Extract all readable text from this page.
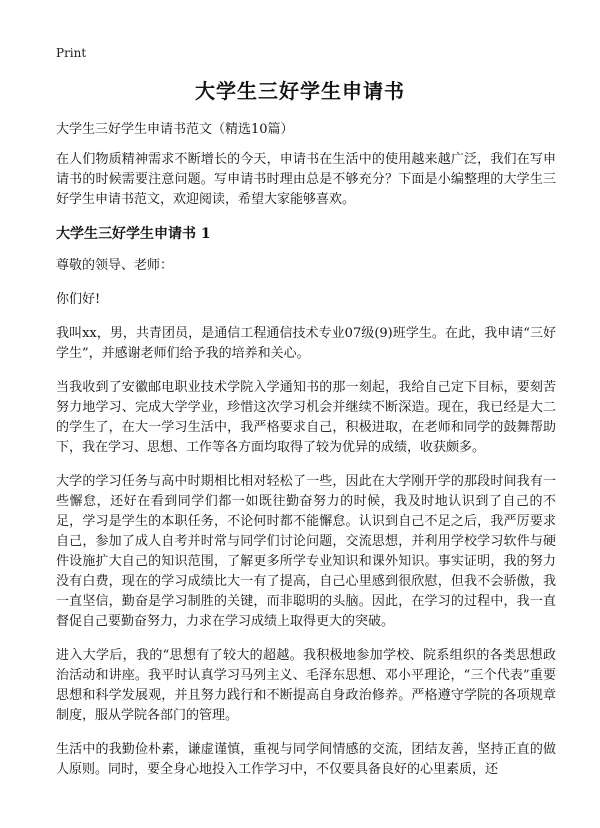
Print
大学生三好学生申请书
大学生三好学生申请书范文（精选10篇）

在人们物质精神需求不断增长的今天，申请书在生活中的使用越来越广泛，我们在写申请书的时候需要注意问题。写申请书时理由总是不够充分？下面是小编整理的大学生三好学生申请书范文，欢迎阅读，希望大家能够喜欢。

大学生三好学生申请书 1

尊敬的领导、老师：

你们好!

我叫xx，男，共青团员，是通信工程通信技术专业07级(9)班学生。在此，我申请“三好学生”，并感谢老师们给予我的培养和关心。

当我收到了安徽邮电职业技术学院入学通知书的那一刻起，我给自己定下目标，要刻苦努力地学习、完成大学学业，珍惜这次学习机会并继续不断深造。现在，我已经是大二的学生了，在大一学习生活中，我严格要求自己，积极进取，在老师和同学的鼓舞帮助下，我在学习、思想、工作等各方面均取得了较为优异的成绩，收获颇多。

大学的学习任务与高中时期相比相对轻松了一些，因此在大学刚开学的那段时间我有一些懈怠，还好在看到同学们都一如既往勤奋努力的时候，我及时地认识到了自己的不足，学习是学生的本职任务，不论何时都不能懈怠。认识到自己不足之后，我严厉要求自己，参加了成人自考并时常与同学们讨论问题，交流思想，并利用学校学习软件与硬件设施扩大自己的知识范围，了解更多所学专业知识和课外知识。事实证明，我的努力没有白费，现在的学习成绩比大一有了提高，自己心里感到很欣慰，但我不会骄傲，我一直坚信，勤奋是学习制胜的关键，而非聪明的头脑。因此，在学习的过程中，我一直督促自己要勤奋努力，力求在学习成绩上取得更大的突破。

进入大学后，我的“思想有了较大的超越。我积极地参加学校、院系组织的各类思想政治活动和讲座。我平时认真学习马列主义、毛泽东思想、邓小平理论，“三个代表”重要思想和科学发展观，并且努力践行和不断提高自身政治修养。严格遵守学院的各项规章制度，服从学院各部门的管理。

生活中的我勤俭朴素，谦虚谨慎，重视与同学间情感的交流，团结友善，坚持正直的做人原则。同时，要全身心地投入工作学习中，不仅要具备良好的心里素质，还
